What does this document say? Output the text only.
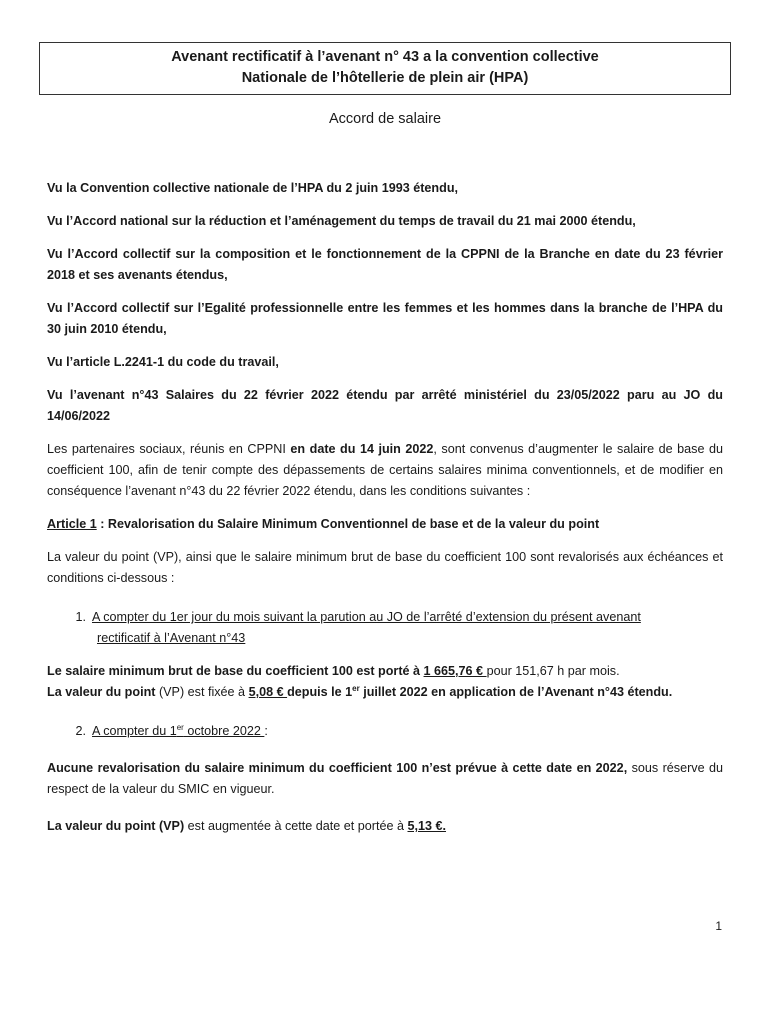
Avenant rectificatif à l’avenant n° 43 a la convention collective
Nationale de l’hôtellerie de plein air (HPA)
Accord de salaire

Vu la Convention collective nationale de l’HPA du 2 juin 1993 étendu,

Vu l’Accord national sur la réduction et l’aménagement du temps de travail du 21 mai 2000 étendu,

Vu l’Accord collectif sur la composition et le fonctionnement de la CPPNI de la Branche en date du 23 février 2018 et ses avenants étendus,

Vu l’Accord collectif sur l’Egalité professionnelle entre les femmes et les hommes dans la branche de l’HPA du 30 juin 2010 étendu,

Vu l’article L.2241-1 du code du travail,

Vu l’avenant n°43 Salaires du 22 février 2022 étendu par arrêté ministériel du 23/05/2022 paru au JO du 14/06/2022

Les partenaires sociaux, réunis en CPPNI en date du 14 juin 2022, sont convenus d’augmenter le salaire de base du coefficient 100, afin de tenir compte des dépassements de certains salaires minima conventionnels, et de modifier en conséquence l’avenant n°43 du 22 février 2022 étendu, dans les conditions suivantes :

Article 1 : Revalorisation du Salaire Minimum Conventionnel de base et de la valeur du point

La valeur du point (VP), ainsi que le salaire minimum brut de base du coefficient 100 sont revalorisés aux échéances et conditions ci-dessous :

1. A compter du 1er jour du mois suivant la parution au JO de l’arrêté d’extension du présent avenant
rectificatif à l’Avenant n°43

Le salaire minimum brut de base du coefficient 100 est porté à 1 665,76 € pour 151,67 h par mois.

La valeur du point (VP) est fixée à 5,08 € depuis le 1er juillet 2022 en application de l’Avenant n°43 étendu.

2. A compter du 1er octobre 2022 :

Aucune revalorisation du salaire minimum du coefficient 100 n’est prévue à cette date en 2022, sous réserve du respect de la valeur du SMIC en vigueur.

La valeur du point (VP) est augmentée à cette date et portée à 5,13 €.

1
